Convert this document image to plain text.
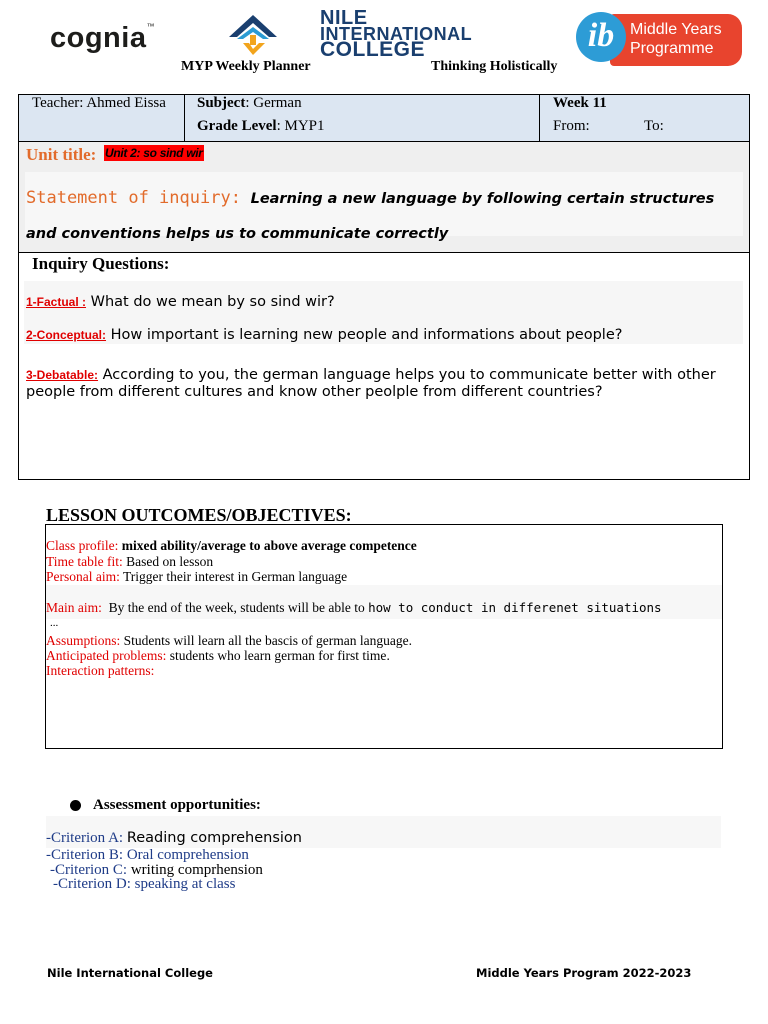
cognia™	NILE
INTERNATIONAL
COLLEGE
MYP Weekly Planner	Thinking Holistically
Middle Years
Programme
ib
Teacher: Ahmed Eissa Subject: German
Grade Level: MYP1
Week 11
From:	To:
Unit title: Unit 2: so sind wir
Statement of inquiry: Learning a new language by following certain structures and conventions helps us to communicate correctly
Inquiry Questions:
1-Factual : What do we mean by so sind wir?
2-Conceptual: How important is learning new people and informations about people?
3-Debatable: According to you, the german language helps you to communicate better with other people from different cultures and know other peolple from different countries?
LESSON OUTCOMES/OBJECTIVES:
Class profile: mixed ability/average to above average competence
Time table fit: Based on lesson
Personal aim: Trigger their interest in German language
Main aim: By the end of the week, students will be able to how to conduct in differenet situations
...
Assumptions: Students will learn all the bascis of german language.
Anticipated problems: students who learn german for first time.
Interaction patterns:
Assessment opportunities:
-Criterion A: Reading comprehension
-Criterion B: Oral comprehension
-Criterion C: writing comprhension
-Criterion D: speaking at class
Nile International College	Middle Years Program 2022-2023
